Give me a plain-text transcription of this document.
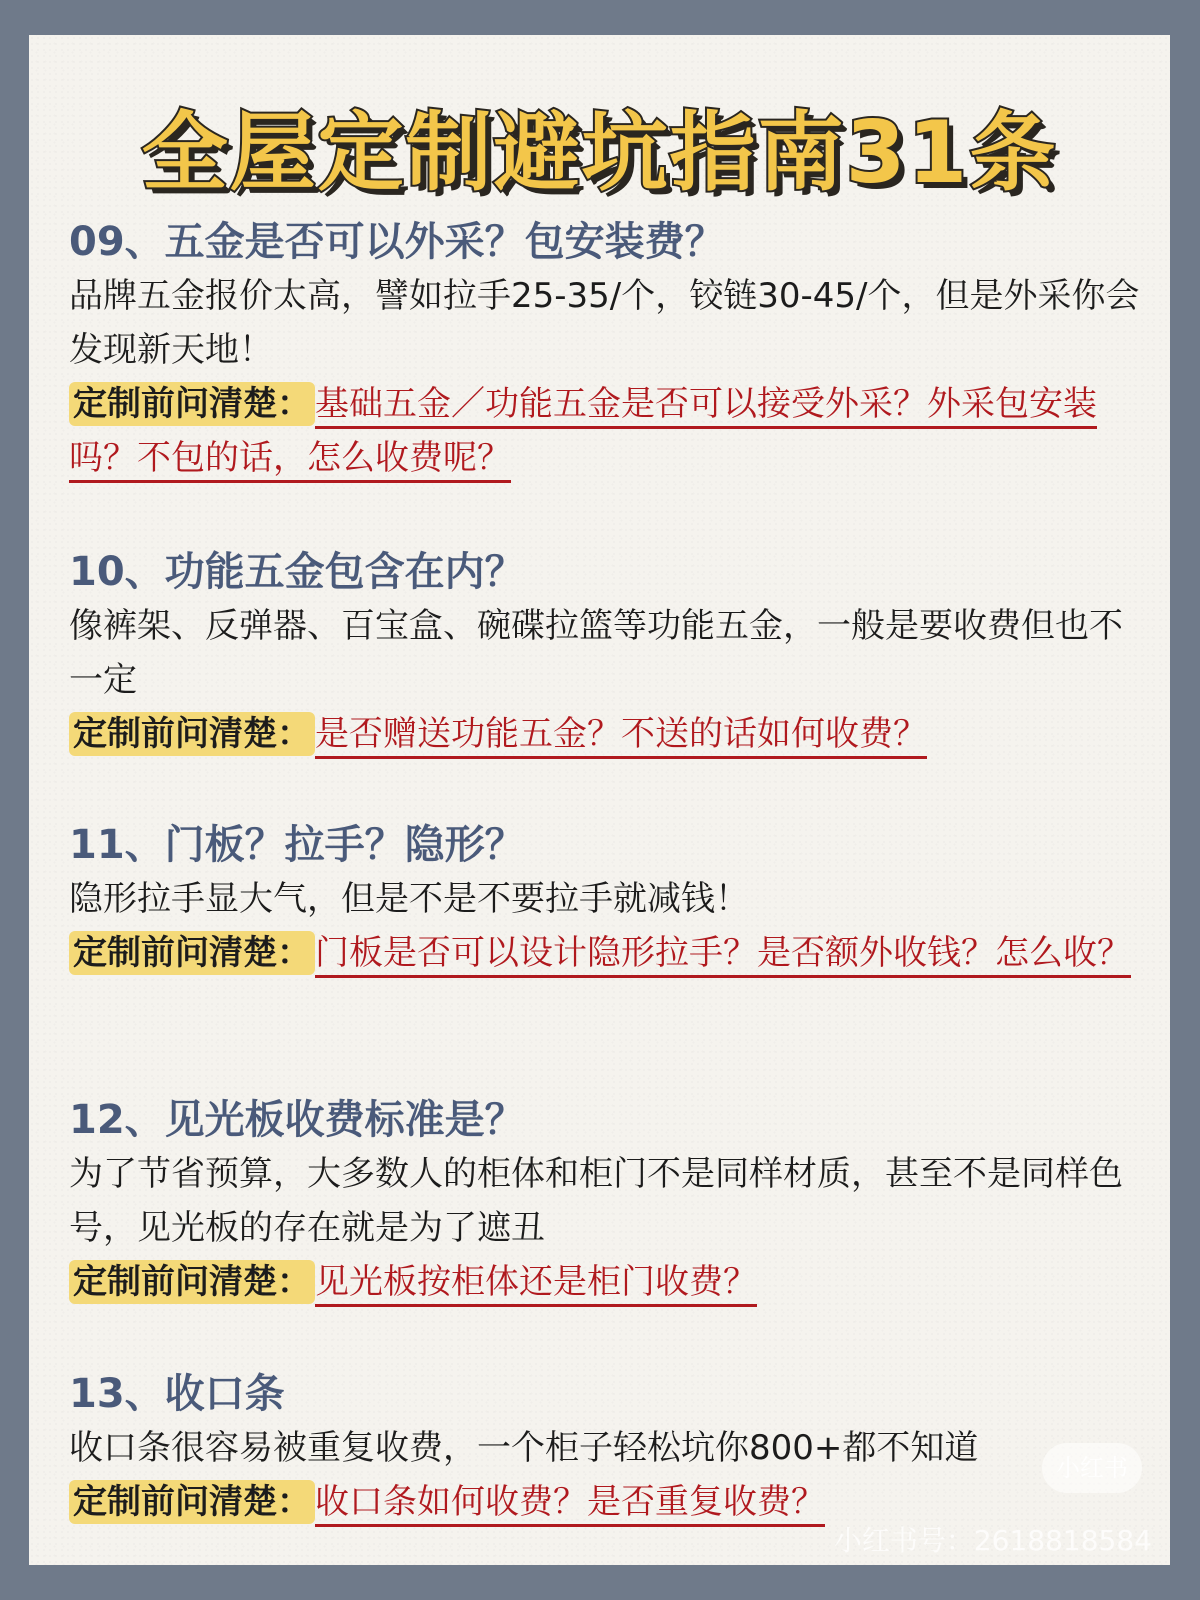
全屋定制避坑指南31条

09、五金是否可以外采？包安装费？

品牌五金报价太高，譬如拉手25-35/个，铰链30-45/个，但是外采你会发现新天地！

定制前问清楚： 基础五金／功能五金是否可以接受外采？外采包安装吗？不包的话，怎么收费呢？

10、功能五金包含在内？

像裤架、反弹器、百宝盒、碗碟拉篮等功能五金，一般是要收费但也不一定

定制前问清楚： 是否赠送功能五金？不送的话如何收费？

11、门板？拉手？隐形？

隐形拉手显大气，但是不是不要拉手就减钱！

定制前问清楚： 门板是否可以设计隐形拉手？是否额外收钱？怎么收？

12、见光板收费标准是？

为了节省预算，大多数人的柜体和柜门不是同样材质，甚至不是同样色号，见光板的存在就是为了遮丑

定制前问清楚： 见光板按柜体还是柜门收费？

13、收口条

收口条很容易被重复收费，一个柜子轻松坑你800+都不知道

定制前问清楚： 收口条如何收费？是否重复收费？

小红书
小红书号：2618818584
